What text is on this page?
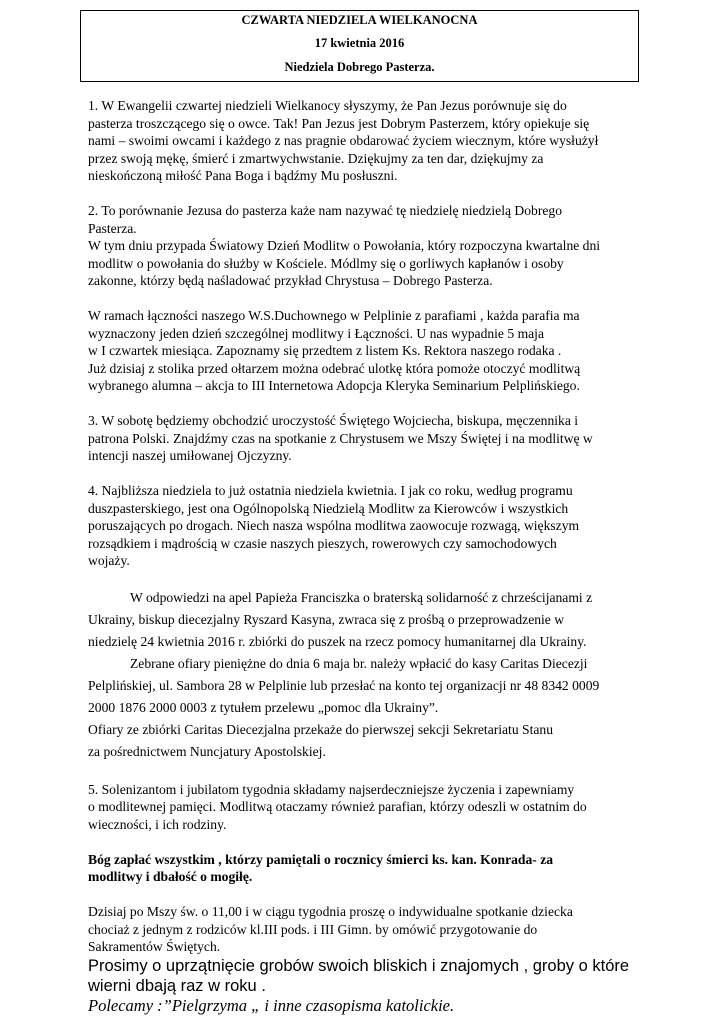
CZWARTA NIEDZIELA WIELKANOCNA
17 kwietnia 2016
Niedziela Dobrego Pasterza.

1. W Ewangelii czwartej niedzieli Wielkanocy słyszymy, że Pan Jezus porównuje się do

pasterza troszczącego się o owce. Tak! Pan Jezus jest Dobrym Pasterzem, który opiekuje się

nami – swoimi owcami i każdego z nas pragnie obdarować życiem wiecznym, które wysłużył

przez swoją mękę, śmierć i zmartwychwstanie. Dziękujmy za ten dar, dziękujmy za

nieskończoną miłość Pana Boga i bądźmy Mu posłuszni.

2. To porównanie Jezusa do pasterza każe nam nazywać tę niedzielę niedzielą Dobrego

Pasterza.

W tym dniu przypada Światowy Dzień Modlitw o Powołania, który rozpoczyna kwartalne dni

modlitw o powołania do służby w Kościele. Módlmy się o gorliwych kapłanów i osoby

zakonne, którzy będą naśladować przykład Chrystusa – Dobrego Pasterza.

W ramach łączności naszego W.S.Duchownego w Pelplinie z parafiami , każda parafia ma

wyznaczony jeden dzień szczególnej modlitwy i Łączności. U nas wypadnie 5 maja

w I czwartek miesiąca. Zapoznamy się przedtem z listem Ks. Rektora naszego rodaka .

Już dzisiaj z stolika przed ołtarzem można odebrać ulotkę która pomoże otoczyć modlitwą

wybranego alumna – akcja to III Internetowa Adopcja Kleryka Seminarium Pelplińskiego.

3. W sobotę będziemy obchodzić uroczystość Świętego Wojciecha, biskupa, męczennika i

patrona Polski. Znajdźmy czas na spotkanie z Chrystusem we Mszy Świętej i na modlitwę w

intencji naszej umiłowanej Ojczyzny.

4. Najbliższa niedziela to już ostatnia niedziela kwietnia. I jak co roku, według programu

duszpasterskiego, jest ona Ogólnopolską Niedzielą Modlitw za Kierowców i wszystkich

poruszających po drogach. Niech nasza wspólna modlitwa zaowocuje rozwagą, większym

rozsądkiem i mądrością w czasie naszych pieszych, rowerowych czy samochodowych

wojaży.

W odpowiedzi na apel Papieża Franciszka o braterską solidarność z chrześcijanami z

Ukrainy, biskup diecezjalny Ryszard Kasyna, zwraca się z prośbą o przeprowadzenie w

niedzielę 24 kwietnia 2016 r. zbiórki do puszek na rzecz pomocy humanitarnej dla Ukrainy.

Zebrane ofiary pieniężne do dnia 6 maja br. należy wpłacić do kasy Caritas Diecezji

Pelplińskiej, ul. Sambora 28 w Pelplinie lub przesłać na konto tej organizacji nr 48 8342 0009

2000 1876 2000 0003 z tytułem przelewu „pomoc dla Ukrainy”.

Ofiary ze zbiórki Caritas Diecezjalna przekaże do pierwszej sekcji Sekretariatu Stanu

za pośrednictwem Nuncjatury Apostolskiej.

5. Solenizantom i jubilatom tygodnia składamy najserdeczniejsze życzenia i zapewniamy

o modlitewnej pamięci. Modlitwą otaczamy również parafian, którzy odeszli w ostatnim do

wieczności, i ich rodziny.

Bóg zapłać wszystkim , którzy pamiętali o rocznicy śmierci ks. kan. Konrada- za

modlitwy i dbałość o mogiłę.

Dzisiaj po Mszy św. o 11,00 i w ciągu tygodnia proszę o indywidualne spotkanie dziecka

chociaż z jednym z rodziców kl.III pods. i III Gimn. by omówić przygotowanie do

Sakramentów Świętych.

Prosimy o uprzątnięcie grobów swoich bliskich i znajomych , groby o które

wierni dbają raz w roku .

Polecamy :”Pielgrzyma „ i inne czasopisma katolickie.
